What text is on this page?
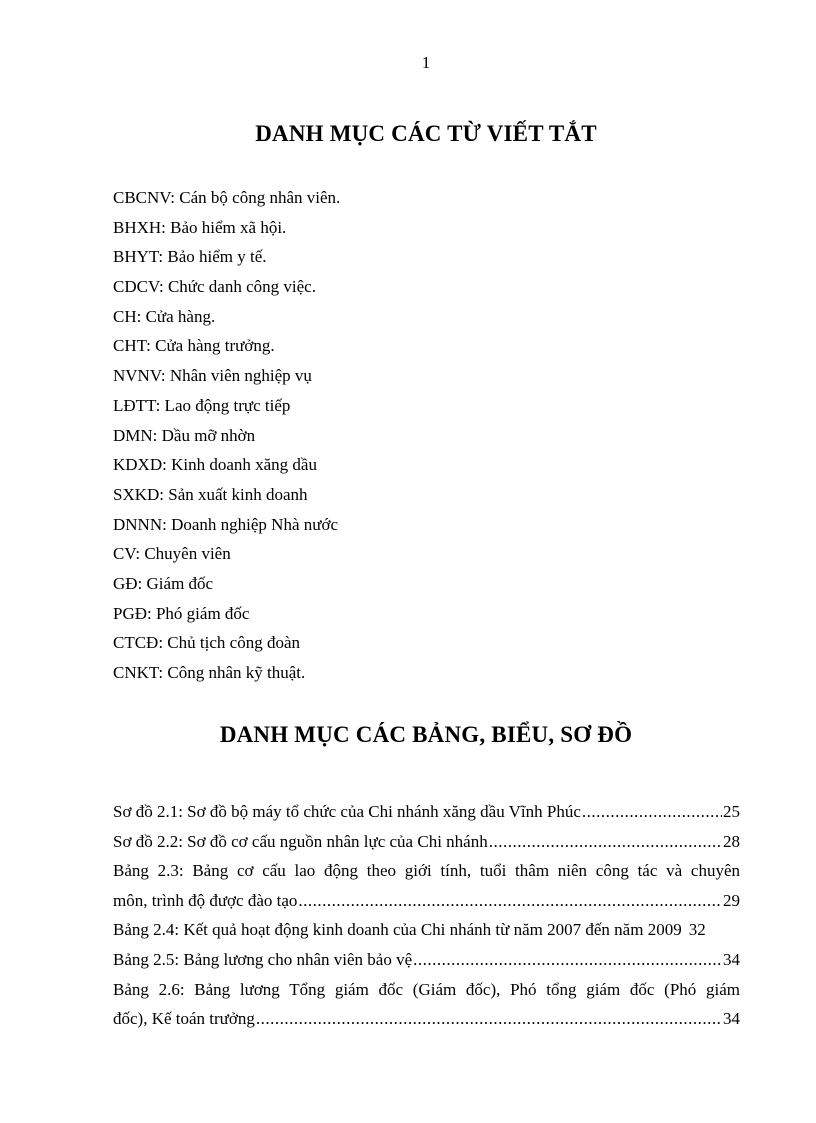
1
DANH MỤC CÁC TỪ VIẾT TẮT
CBCNV: Cán bộ công nhân viên.
BHXH: Bảo hiểm xã hội.
BHYT: Bảo hiểm y tế.
CDCV: Chức danh công việc.
CH: Cửa hàng.
CHT: Cửa hàng trưởng.
NVNV: Nhân viên nghiệp vụ
LĐTT: Lao động trực tiếp
DMN: Dầu mỡ nhờn
KDXD: Kinh doanh xăng dầu
SXKD: Sản xuất kinh doanh
DNNN: Doanh nghiệp Nhà nước
CV: Chuyên viên
GĐ: Giám đốc
PGĐ: Phó giám đốc
CTCĐ: Chủ tịch công đoàn
CNKT: Công nhân kỹ thuật.
DANH MỤC CÁC BẢNG, BIỂU, SƠ ĐỒ
Sơ đồ 2.1: Sơ đồ bộ máy tổ chức của Chi nhánh xăng dầu Vĩnh Phúc .....	25
Sơ đồ 2.2: Sơ đồ cơ cấu nguồn nhân lực của Chi nhánh .....	28
Bảng 2.3: Bảng cơ cấu lao động theo giới tính, tuổi thâm niên công tác và chuyên
môn, trình độ được đào tạo .....	29
Bảng 2.4: Kết quả hoạt động kinh doanh của Chi nhánh từ năm 2007 đến năm 2009 32
Bảng 2.5: Bảng lương cho nhân viên bảo vệ .....	34
Bảng 2.6: Bảng lương Tổng giám đốc (Giám đốc), Phó tổng giám đốc (Phó giám
đốc), Kế toán trưởng .....	34
